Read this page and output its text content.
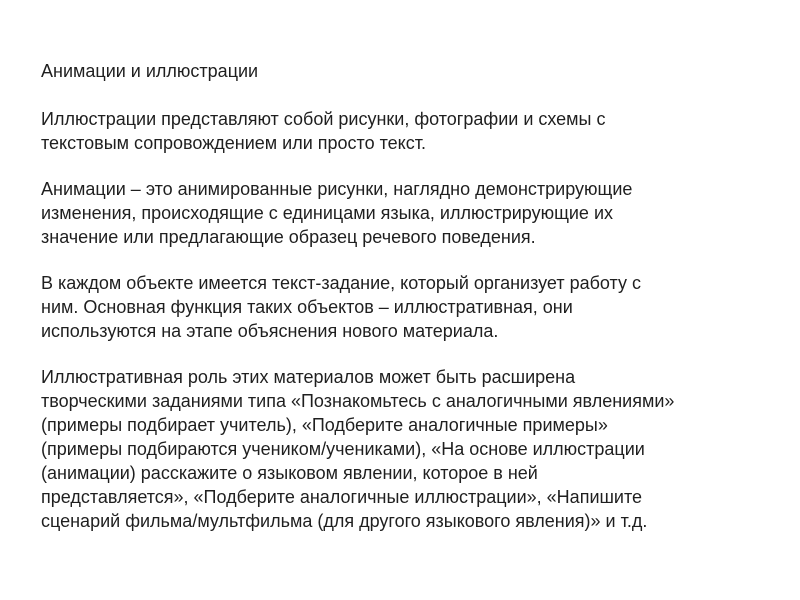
Анимации и иллюстрации
Иллюстрации представляют собой рисунки, фотографии и схемы с
текстовым сопровождением или просто текст.
Анимации – это анимированные рисунки, наглядно демонстрирующие
изменения, происходящие с единицами языка, иллюстрирующие их
значение или предлагающие образец речевого поведения.
В каждом объекте имеется текст-задание, который организует работу с
ним. Основная функция таких объектов – иллюстративная, они
используются на этапе объяснения нового материала.
Иллюстративная роль этих материалов может быть расширена
творческими заданиями типа «Познакомьтесь с аналогичными явлениями»
(примеры подбирает учитель), «Подберите аналогичные примеры»
(примеры подбираются учеником/учениками), «На основе иллюстрации
(анимации) расскажите о языковом явлении, которое в ней
представляется», «Подберите аналогичные иллюстрации», «Напишите
сценарий фильма/мультфильма (для другого языкового явления)» и т.д.
